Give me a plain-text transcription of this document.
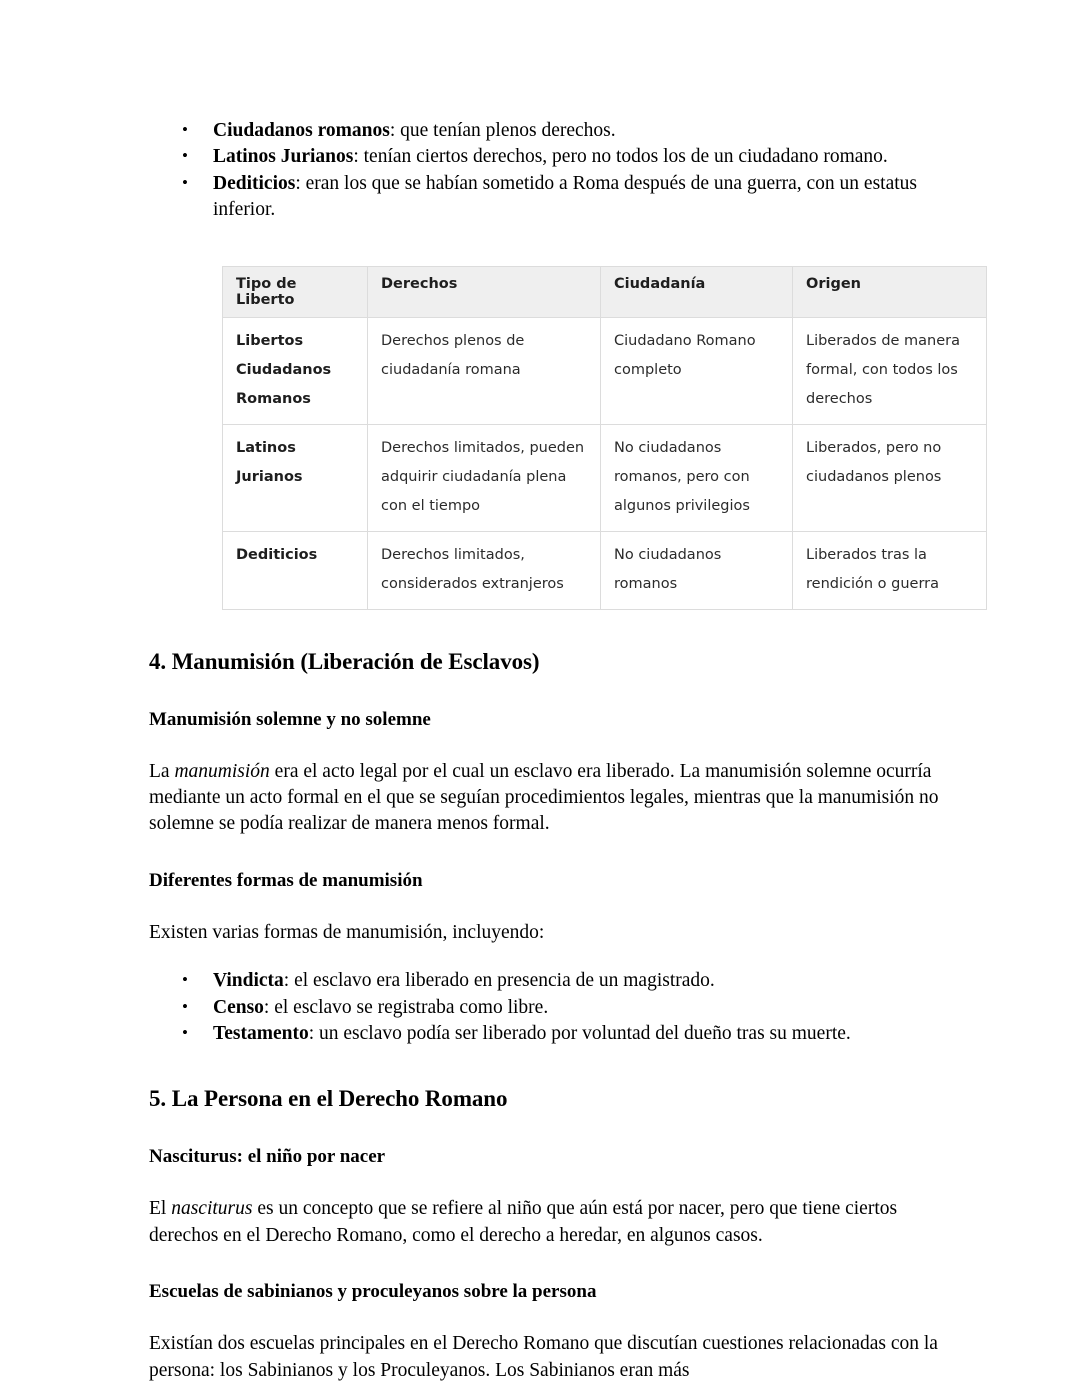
• Ciudadanos romanos: que tenían plenos derechos.
• Latinos Jurianos: tenían ciertos derechos, pero no todos los de un ciudadano romano.
• Dediticios: eran los que se habían sometido a Roma después de una guerra, con un estatus inferior.
Tipo de Liberto	Derechos	Ciudadanía	Origen
Libertos Ciudadanos Romanos	Derechos plenos de ciudadanía romana	Ciudadano Romano completo	Liberados de manera formal, con todos los derechos
Latinos Jurianos	Derechos limitados, pueden adquirir ciudadanía plena con el tiempo	No ciudadanos romanos, pero con algunos privilegios	Liberados, pero no ciudadanos plenos
Dediticios	Derechos limitados, considerados extranjeros	No ciudadanos romanos	Liberados tras la rendición o guerra
4. Manumisión (Liberación de Esclavos)
Manumisión solemne y no solemne

La manumisión era el acto legal por el cual un esclavo era liberado. La manumisión solemne ocurría mediante un acto formal en el que se seguían procedimientos legales, mientras que la manumisión no solemne se podía realizar de manera menos formal.

Diferentes formas de manumisión

Existen varias formas de manumisión, incluyendo:

• Vindicta: el esclavo era liberado en presencia de un magistrado.
• Censo: el esclavo se registraba como libre.
• Testamento: un esclavo podía ser liberado por voluntad del dueño tras su muerte.
5. La Persona en el Derecho Romano
Nasciturus: el niño por nacer

El nasciturus es un concepto que se refiere al niño que aún está por nacer, pero que tiene ciertos derechos en el Derecho Romano, como el derecho a heredar, en algunos casos.

Escuelas de sabinianos y proculeyanos sobre la persona

Existían dos escuelas principales en el Derecho Romano que discutían cuestiones relacionadas con la persona: los Sabinianos y los Proculeyanos. Los Sabinianos eran más
